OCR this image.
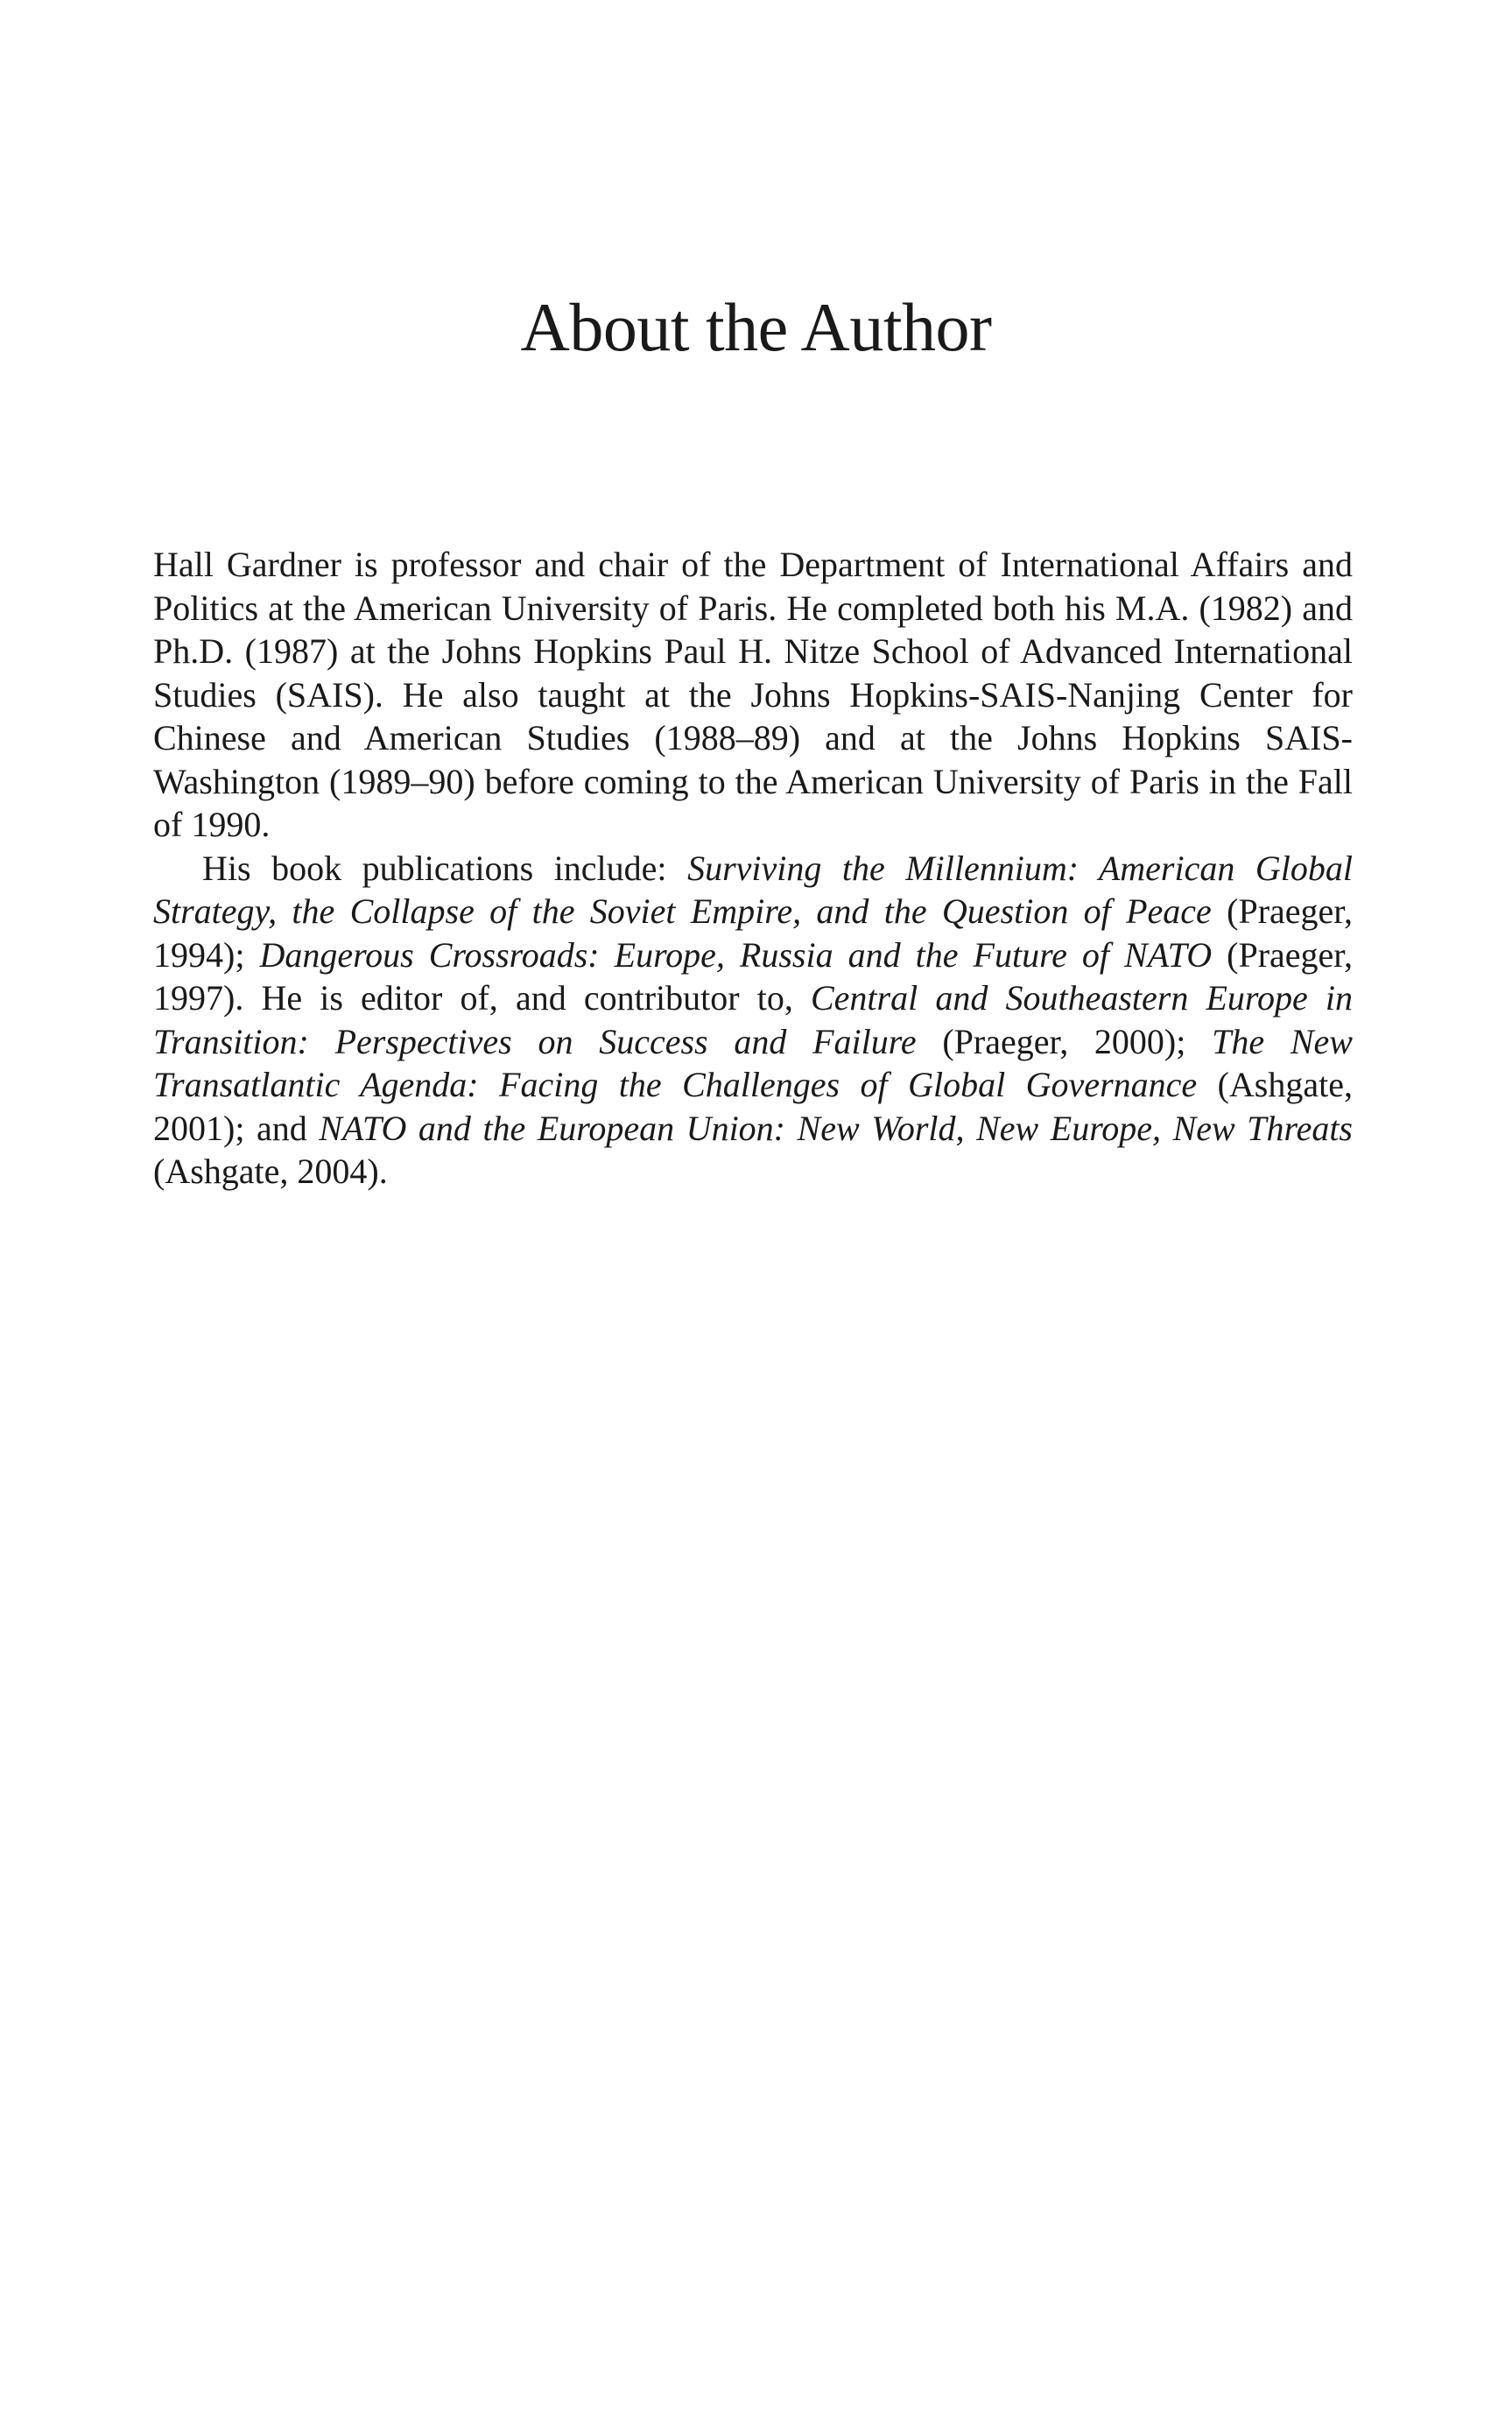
About the Author

Hall Gardner is professor and chair of the Department of International Affairs and Politics at the American University of Paris. He completed both his M.A. (1982) and Ph.D. (1987) at the Johns Hopkins Paul H. Nitze School of Advanced International Studies (SAIS). He also taught at the Johns Hopkins-SAIS-Nanjing Center for Chinese and American Studies (1988–89) and at the Johns Hopkins SAIS-Washington (1989–90) before coming to the American University of Paris in the Fall of 1990.

His book publications include: Surviving the Millennium: American Global Strategy, the Collapse of the Soviet Empire, and the Question of Peace (Praeger, 1994); Dangerous Crossroads: Europe, Russia and the Future of NATO (Praeger, 1997). He is editor of, and contributor to, Central and Southeastern Europe in Transition: Perspectives on Success and Failure (Praeger, 2000); The New Transatlantic Agenda: Facing the Challenges of Global Governance (Ashgate, 2001); and NATO and the European Union: New World, New Europe, New Threats (Ashgate, 2004).
